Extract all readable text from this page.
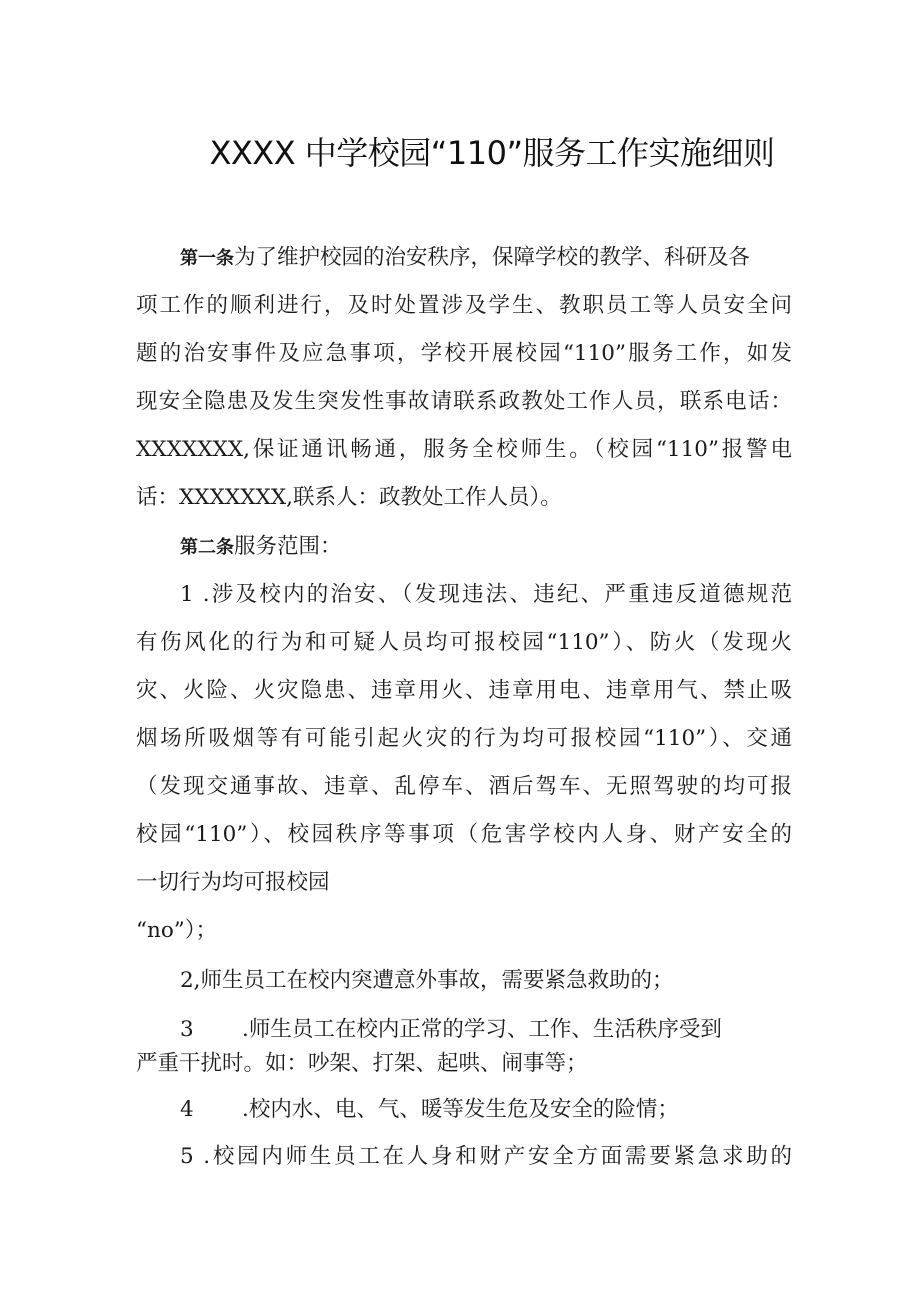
XXXX 中学校园“110”服务工作实施细则
第一条为了维护校园的治安秩序，保障学校的教学、科研及各
项工作的顺利进行，及时处置涉及学生、教职员工等人员安全问
题的治安事件及应急事项，学校开展校园“110”服务工作，如发
现安全隐患及发生突发性事故请联系政教处工作人员，联系电话：
XXXXXXX,保证通讯畅通，服务全校师生。（校园“110”报警电
话：XXXXXXX,联系人：政教处工作人员）。
第二条服务范围：
1 .涉及校内的治安、（发现违法、违纪、严重违反道德规范
有伤风化的行为和可疑人员均可报校园“110”）、防火（发现火
灾、火险、火灾隐患、违章用火、违章用电、违章用气、禁止吸
烟场所吸烟等有可能引起火灾的行为均可报校园“110”）、交通
（发现交通事故、违章、乱停车、酒后驾车、无照驾驶的均可报
校园“110”）、校园秩序等事项（危害学校内人身、财产安全的
一切行为均可报校园
“no”）；
2,师生员工在校内突遭意外事故，需要紧急救助的；
3 .师生员工在校内正常的学习、工作、生活秩序受到
严重干扰时。如：吵架、打架、起哄、闹事等；
4 .校内水、电、气、暖等发生危及安全的险情；
5 .校园内师生员工在人身和财产安全方面需要紧急求助的
